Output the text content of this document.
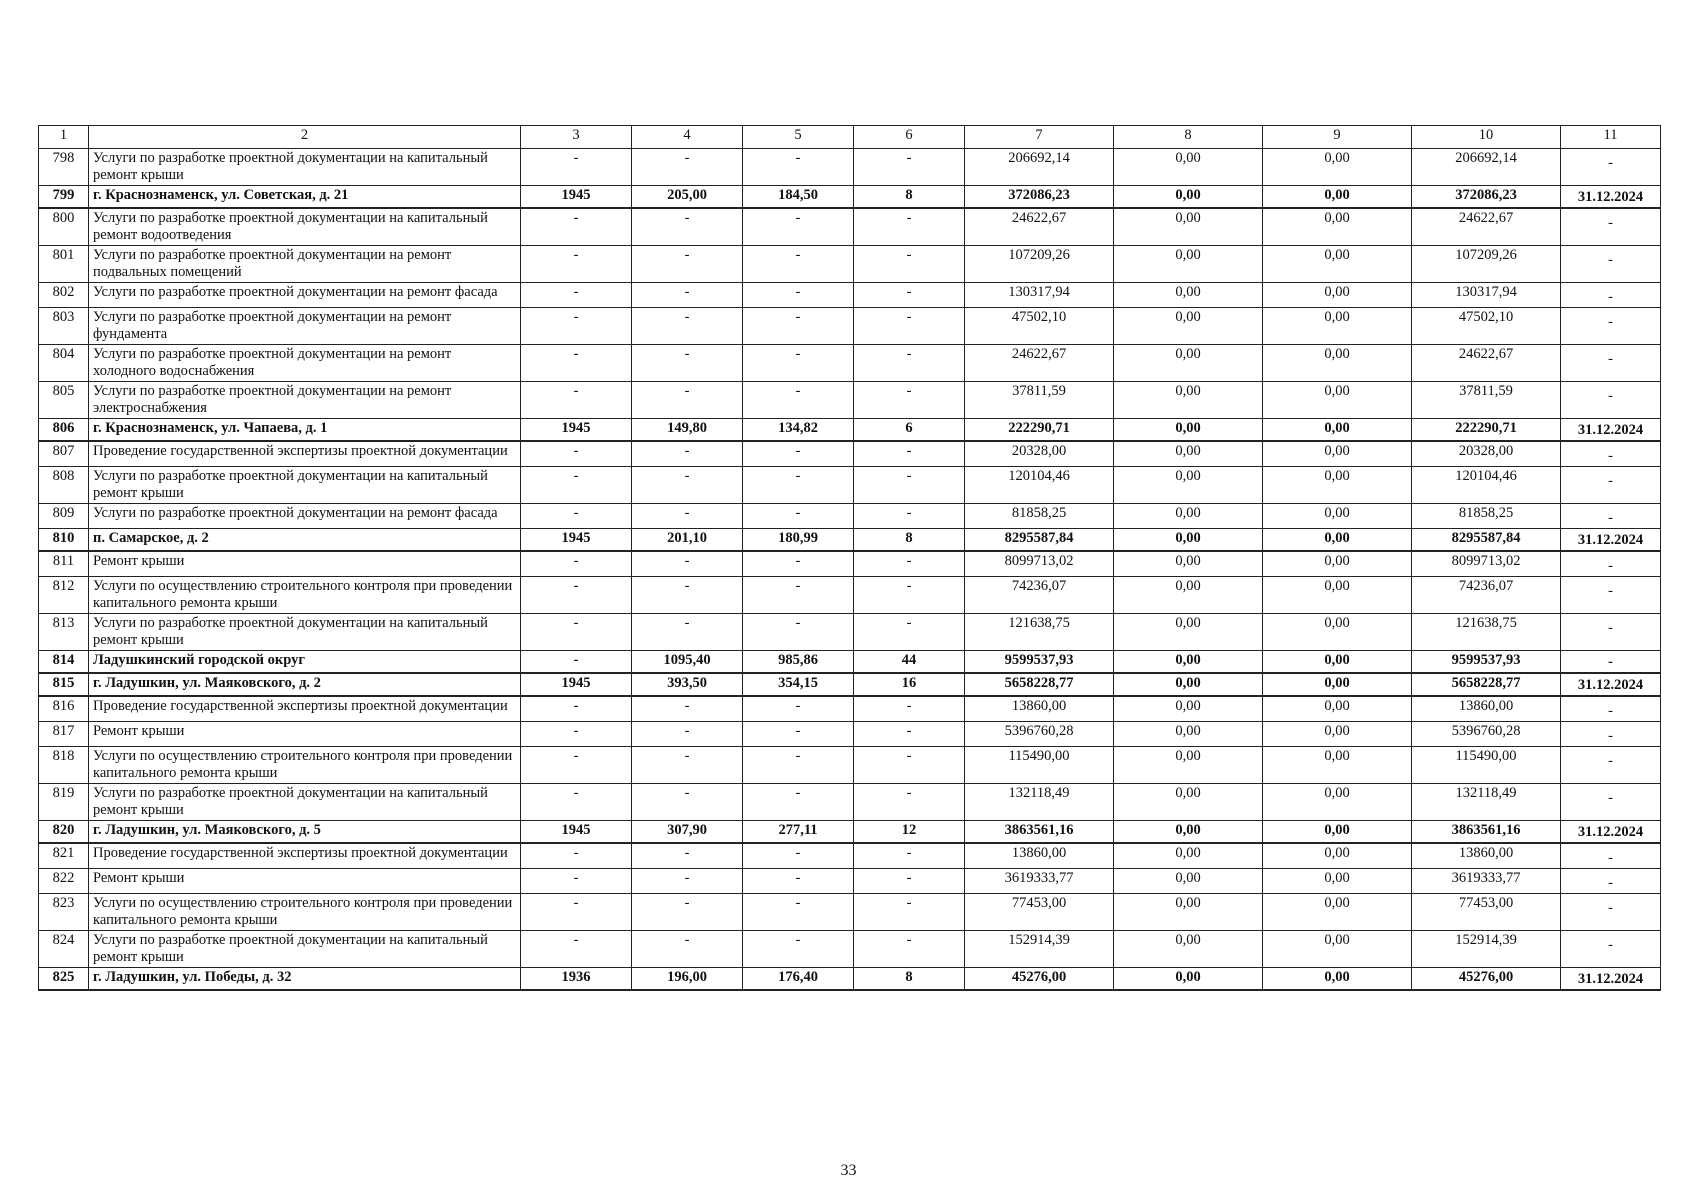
1	2	3	4	5	6	7	8	9	10	11
798	Услуги по разработке проектной документации на капитальный ремонт крыши	-	-	-	-	206692,14	0,00	0,00	206692,14	-
799	г. Краснознаменск, ул. Советская, д. 21	1945	205,00	184,50	8	372086,23	0,00	0,00	372086,23	31.12.2024
800	Услуги по разработке проектной документации на капитальный ремонт водоотведения	-	-	-	-	24622,67	0,00	0,00	24622,67	-
801	Услуги по разработке проектной документации на ремонт подвальных помещений	-	-	-	-	107209,26	0,00	0,00	107209,26	-
802	Услуги по разработке проектной документации на ремонт фасада	-	-	-	-	130317,94	0,00	0,00	130317,94	-
803	Услуги по разработке проектной документации на ремонт фундамента	-	-	-	-	47502,10	0,00	0,00	47502,10	-
804	Услуги по разработке проектной документации на ремонт холодного водоснабжения	-	-	-	-	24622,67	0,00	0,00	24622,67	-
805	Услуги по разработке проектной документации на ремонт электроснабжения	-	-	-	-	37811,59	0,00	0,00	37811,59	-
806	г. Краснознаменск, ул. Чапаева, д. 1	1945	149,80	134,82	6	222290,71	0,00	0,00	222290,71	31.12.2024
807	Проведение государственной экспертизы проектной документации	-	-	-	-	20328,00	0,00	0,00	20328,00	-
808	Услуги по разработке проектной документации на капитальный ремонт крыши	-	-	-	-	120104,46	0,00	0,00	120104,46	-
809	Услуги по разработке проектной документации на ремонт фасада	-	-	-	-	81858,25	0,00	0,00	81858,25	-
810	п. Самарское, д. 2	1945	201,10	180,99	8	8295587,84	0,00	0,00	8295587,84	31.12.2024
811	Ремонт крыши	-	-	-	-	8099713,02	0,00	0,00	8099713,02	-
812	Услуги по осуществлению строительного контроля при проведении капитального ремонта крыши	-	-	-	-	74236,07	0,00	0,00	74236,07	-
813	Услуги по разработке проектной документации на капитальный ремонт крыши	-	-	-	-	121638,75	0,00	0,00	121638,75	-
814	Ладушкинский городской округ	-	1095,40	985,86	44	9599537,93	0,00	0,00	9599537,93	-
815	г. Ладушкин, ул. Маяковского, д. 2	1945	393,50	354,15	16	5658228,77	0,00	0,00	5658228,77	31.12.2024
816	Проведение государственной экспертизы проектной документации	-	-	-	-	13860,00	0,00	0,00	13860,00	-
817	Ремонт крыши	-	-	-	-	5396760,28	0,00	0,00	5396760,28	-
818	Услуги по осуществлению строительного контроля при проведении капитального ремонта крыши	-	-	-	-	115490,00	0,00	0,00	115490,00	-
819	Услуги по разработке проектной документации на капитальный ремонт крыши	-	-	-	-	132118,49	0,00	0,00	132118,49	-
820	г. Ладушкин, ул. Маяковского, д. 5	1945	307,90	277,11	12	3863561,16	0,00	0,00	3863561,16	31.12.2024
821	Проведение государственной экспертизы проектной документации	-	-	-	-	13860,00	0,00	0,00	13860,00	-
822	Ремонт крыши	-	-	-	-	3619333,77	0,00	0,00	3619333,77	-
823	Услуги по осуществлению строительного контроля при проведении капитального ремонта крыши	-	-	-	-	77453,00	0,00	0,00	77453,00	-
824	Услуги по разработке проектной документации на капитальный ремонт крыши	-	-	-	-	152914,39	0,00	0,00	152914,39	-
825	г. Ладушкин, ул. Победы, д. 32	1936	196,00	176,40	8	45276,00	0,00	0,00	45276,00	31.12.2024
33
